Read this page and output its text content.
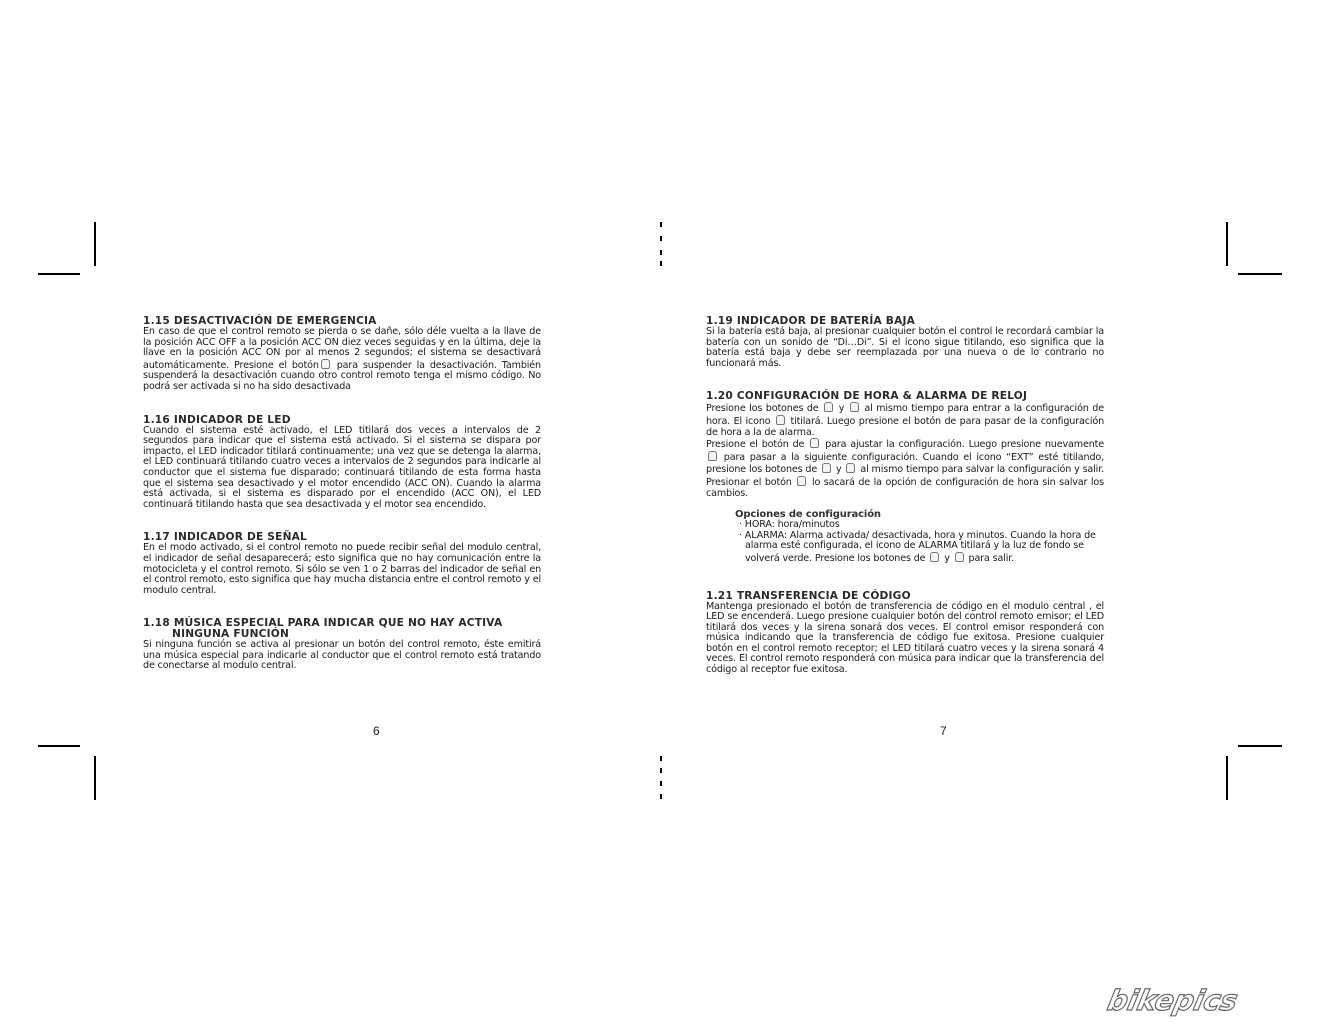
1.15 DESACTIVACIÓN DE EMERGENCIA

En caso de que el control remoto se pierda o se dañe, sólo déle vuelta a la llave de la posición ACC OFF a la posición ACC ON diez veces seguidas y en la última, deje la llave en la posición ACC ON por al menos 2 segundos; el sistema se desactivará automáticamente. Presione el botón para suspender la desactivación. También suspenderá la desactivación cuando otro control remoto tenga el mismo código. No podrá ser activada si no ha sido desactivada

1.16 INDICADOR DE LED

Cuando el sistema esté activado, el LED titilará dos veces a intervalos de 2 segundos para indicar que el sistema está activado. Si el sistema se dispara por impacto, el LED indicador titilará continuamente; una vez que se detenga la alarma, el LED continuará titilando cuatro veces a intervalos de 2 segundos para indicarle al conductor que el sistema fue disparado; continuará titilando de esta forma hasta que el sistema sea desactivado y el motor encendido (ACC ON). Cuando la alarma está activada, si el sistema es disparado por el encendido (ACC ON), el LED continuará titilando hasta que sea desactivada y el motor sea encendido.

1.17 INDICADOR DE SEÑAL

En el modo activado, si el control remoto no puede recibir señal del modulo central, el indicador de señal desaparecerá; esto significa que no hay comunicación entre la motocicleta y el control remoto. Si sólo se ven 1 o 2 barras del indicador de señal en el control remoto, esto significa que hay mucha distancia entre el control remoto y el modulo central.

1.18 MÚSICA ESPECIAL PARA INDICAR QUE NO HAY ACTIVA
NINGUNA FUNCIÓN

Si ninguna función se activa al presionar un botón del control remoto, éste emitirá una música especial para indicarle al conductor que el control remoto está tratando de conectarse al modulo central.

6
1.19 INDICADOR DE BATERÍA BAJA

Si la batería está baja, al presionar cualquier botón el control le recordará cambiar la batería con un sonido de “Di…Di”. Si el icono sigue titilando, eso significa que la batería está baja y debe ser reemplazada por una nueva o de lo contrario no funcionará más.

1.20 CONFIGURACIÓN DE HORA & ALARMA DE RELOJ

Presione los botones de  y  al mismo tiempo para entrar a la configuración de hora. El icono  titilará. Luego presione el botón de para pasar de la configuración de hora a la de alarma.

Presione el botón de  para ajustar la configuración. Luego presione nuevamente  para pasar a la siguiente configuración. Cuando el icono “EXT” esté titilando, presione los botones de  y  al mismo tiempo para salvar la configuración y salir. Presionar el botón  lo sacará de la opción de configuración de hora sin salvar los cambios.

Opciones de configuración

· HORA: hora/minutos

· ALARMA: Alarma activada/ desactivada, hora y minutos. Cuando la hora de

alarma esté configurada, el icono de ALARMA titilará y la luz de fondo se

volverá verde. Presione los botones de  y  para salir.

1.21 TRANSFERENCIA DE CÓDIGO

Mantenga presionado el botón de transferencia de código en el modulo central , el LED se encenderá. Luego presione cualquier botón del control remoto emisor; el LED titilará dos veces y la sirena sonará dos veces. El control emisor responderá con música indicando que la transferencia de código fue exitosa. Presione cualquier botón en el control remoto receptor; el LED titilará cuatro veces y la sirena sonará 4 veces. El control remoto responderá con música para indicar que la transferencia del código al receptor fue exitosa.

7
bikepics
